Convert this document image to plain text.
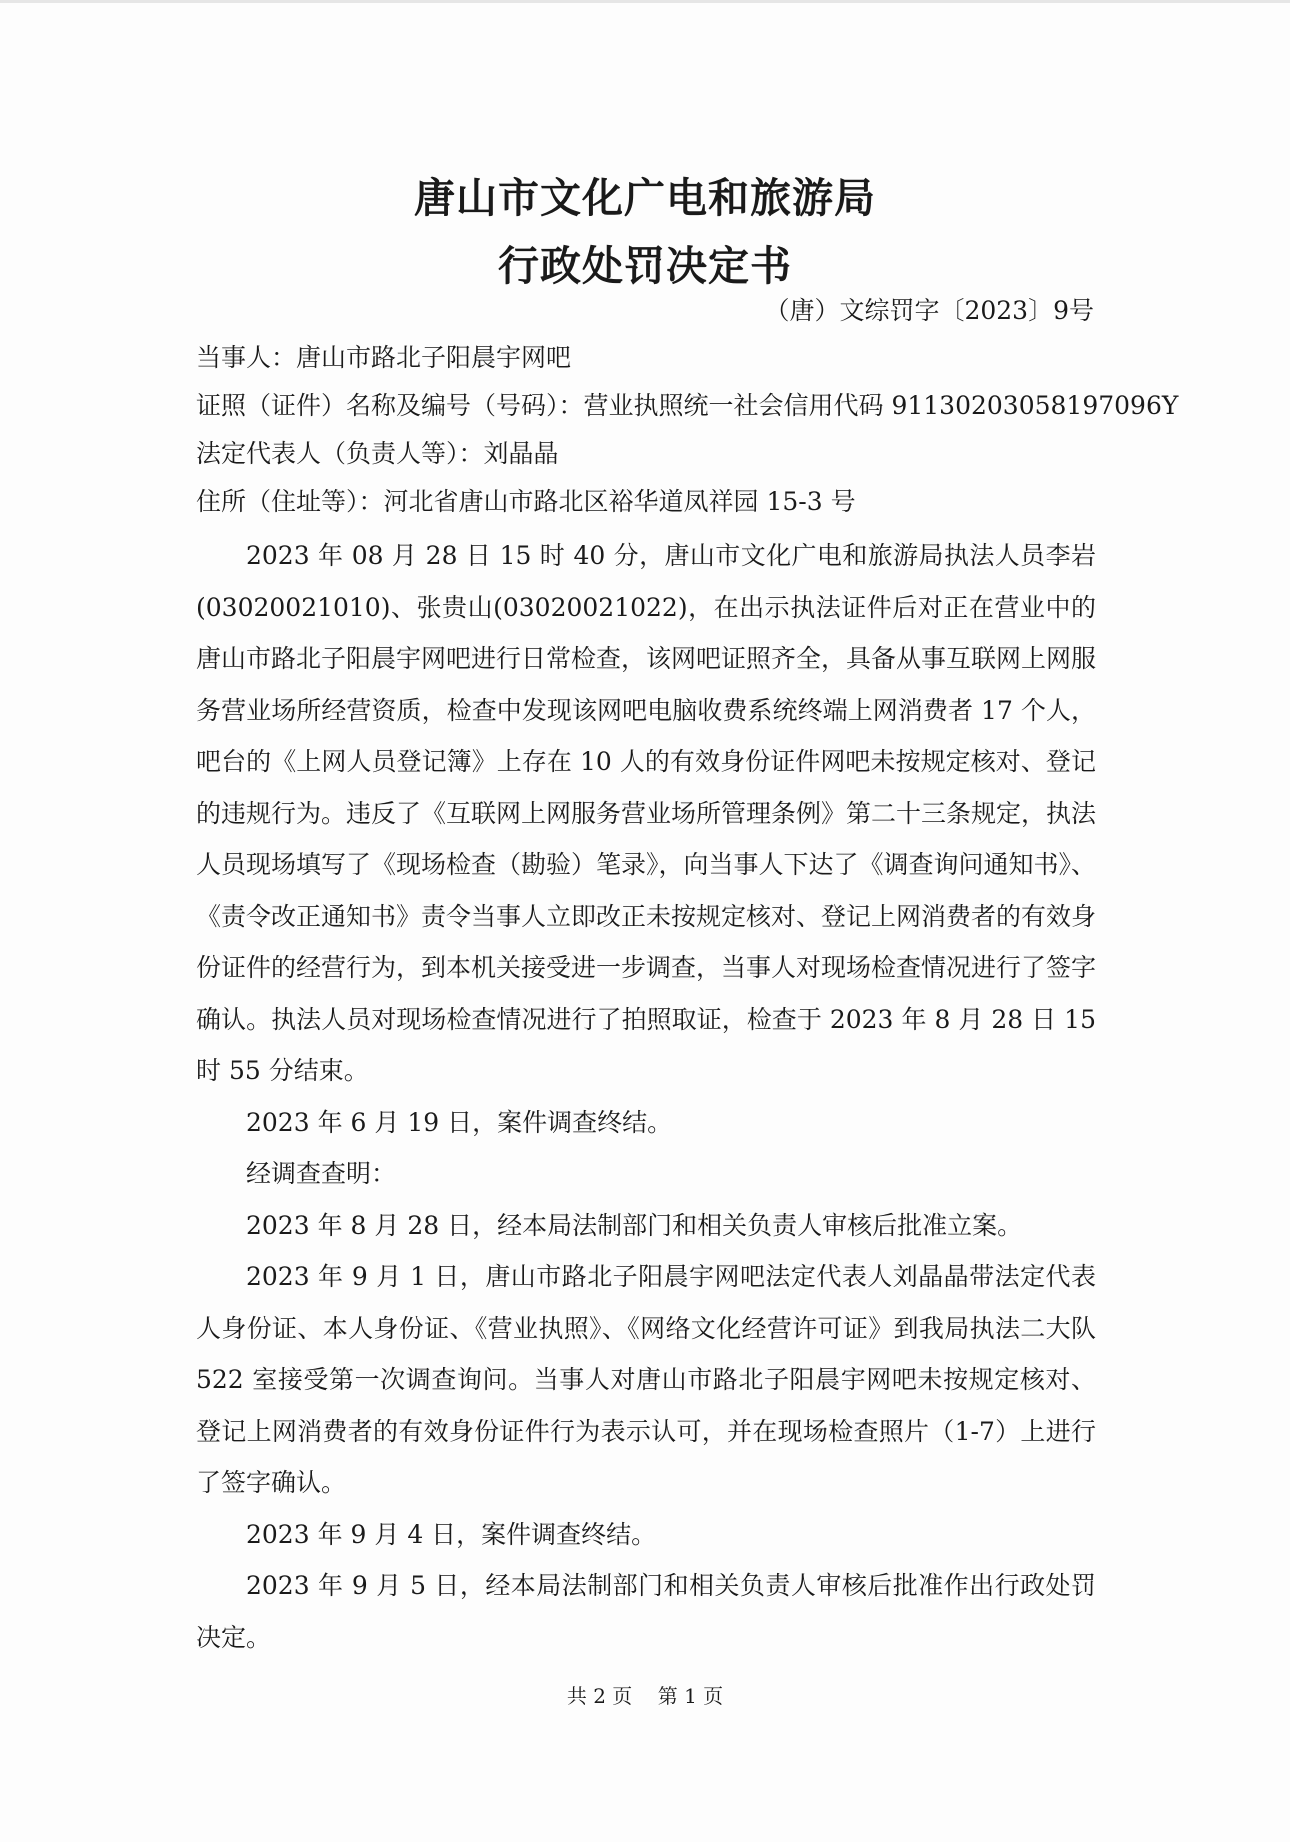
唐山市文化广电和旅游局
行政处罚决定书
（唐）文综罚字〔2023〕9号
当事人：唐山市路北子阳晨宇网吧
证照（证件）名称及编号（号码）：营业执照统一社会信用代码 91130203058197096Y
法定代表人（负责人等）：刘晶晶
住所（住址等）：河北省唐山市路北区裕华道凤祥园 15-3 号

2023 年 08 月 28 日 15 时 40 分，唐山市文化广电和旅游局执法人员李岩(03020021010)、张贵山(03020021022)，在出示执法证件后对正在营业中的唐山市路北子阳晨宇网吧进行日常检查，该网吧证照齐全，具备从事互联网上网服务营业场所经营资质，检查中发现该网吧电脑收费系统终端上网消费者 17 个人，吧台的《上网人员登记簿》上存在 10 人的有效身份证件网吧未按规定核对、登记的违规行为。违反了《互联网上网服务营业场所管理条例》第二十三条规定，执法人员现场填写了《现场检查（勘验）笔录》，向当事人下达了《调查询问通知书》、《责令改正通知书》责令当事人立即改正未按规定核对、登记上网消费者的有效身份证件的经营行为，到本机关接受进一步调查，当事人对现场检查情况进行了签字确认。执法人员对现场检查情况进行了拍照取证，检查于 2023 年 8 月 28 日 15 时 55 分结束。

2023 年 6 月 19 日，案件调查终结。

经调查查明：

2023 年 8 月 28 日，经本局法制部门和相关负责人审核后批准立案。

2023 年 9 月 1 日，唐山市路北子阳晨宇网吧法定代表人刘晶晶带法定代表人身份证、本人身份证、《营业执照》、《网络文化经营许可证》到我局执法二大队 522 室接受第一次调查询问。当事人对唐山市路北子阳晨宇网吧未按规定核对、登记上网消费者的有效身份证件行为表示认可，并在现场检查照片（1-7）上进行了签字确认。

2023 年 9 月 4 日，案件调查终结。

2023 年 9 月 5 日，经本局法制部门和相关负责人审核后批准作出行政处罚决定。

共 2 页    第 1 页
